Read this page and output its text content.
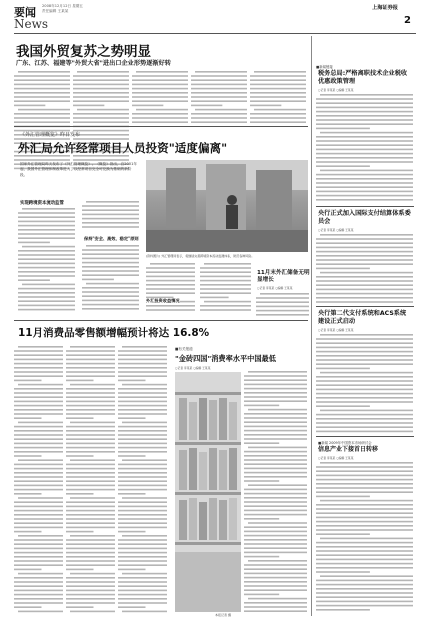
要闻 2008年12月12日 星期五
责任编辑 王某某
News
上海证券报
2
我国外贸复苏之势明显
广东、江苏、福建等"外贸大省"进出口企业形势逐渐好转
《外汇管理概览》昨日发布
外汇局允许经常项目人员投资"适度偏离"
国家外汇管理局昨天发布了《外汇管理概览》。《概览》指出，自2001年起，我国外汇管理体制改革进入了以经常项目完全可兑换为基础的新阶段。
(资料图片) 外汇管理局表示，将继续完善跨境资本流动监测体系，防范各种风险。
实现跨境资本流动监管
保持"安全、高效、稳定"原则
外汇投资收益情况
11月末外汇储备无明显增长
○记者 李某某 ○编辑 王某某
11月消费品零售额增幅预计将达 16.8%
■有关报道
"金砖四国"消费率水平中国最低
○记者 李某某 ○编辑 王某某
本报记者 摄
■新闻链接
税务总局:严格离职技术企业税收优惠政策管理
○记者 李某某 ○编辑 王某某
央行正式加入国际支付结算体系委员会
○记者 李某某 ○编辑 王某某
央行第二代支付系统和ACS系统建设正式启动
○记者 李某某 ○编辑 王某某
■新闻 2009年中国资本市场研讨会
信息产业下接首日转移
○记者 李某某 ○编辑 王某某
